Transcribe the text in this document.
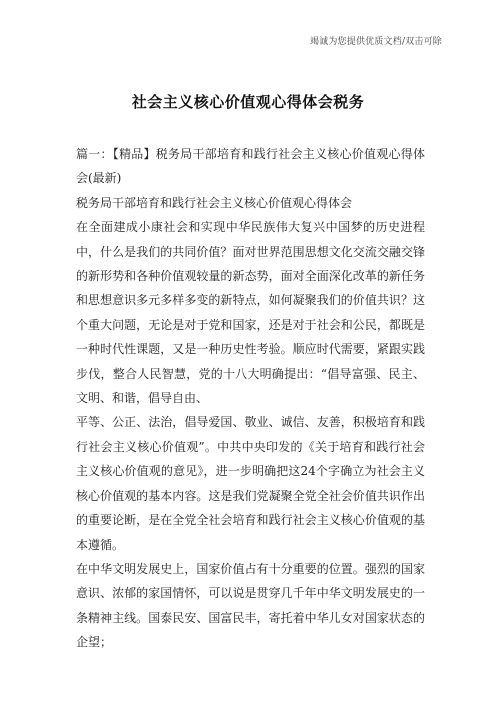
竭诚为您提供优质文档/双击可除
社会主义核心价值观心得体会税务

篇一：【精品】税务局干部培育和践行社会主义核心价值观心得体会(最新)

税务局干部培育和践行社会主义核心价值观心得体会

在全面建成小康社会和实现中华民族伟大复兴中国梦的历史进程中，什么是我们的共同价值？面对世界范围思想文化交流交融交锋的新形势和各种价值观较量的新态势，面对全面深化改革的新任务和思想意识多元多样多变的新特点，如何凝聚我们的价值共识？这个重大问题，无论是对于党和国家，还是对于社会和公民，都既是一种时代性课题，又是一种历史性考验。顺应时代需要，紧跟实践步伐，整合人民智慧，党的十八大明确提出：“倡导富强、民主、文明、和谐，倡导自由、

平等、公正、法治，倡导爱国、敬业、诚信、友善，积极培育和践行社会主义核心价值观”。中共中央印发的《关于培育和践行社会主义核心价值观的意见》，进一步明确把这24个字确立为社会主义核心价值观的基本内容。这是我们党凝聚全党全社会价值共识作出的重要论断，是在全党全社会培育和践行社会主义核心价值观的基本遵循。

在中华文明发展史上，国家价值占有十分重要的位置。强烈的国家意识、浓郁的家国情怀，可以说是贯穿几千年中华文明发展史的一条精神主线。国泰民安、国富民丰，寄托着中华儿女对国家状态的企望；
